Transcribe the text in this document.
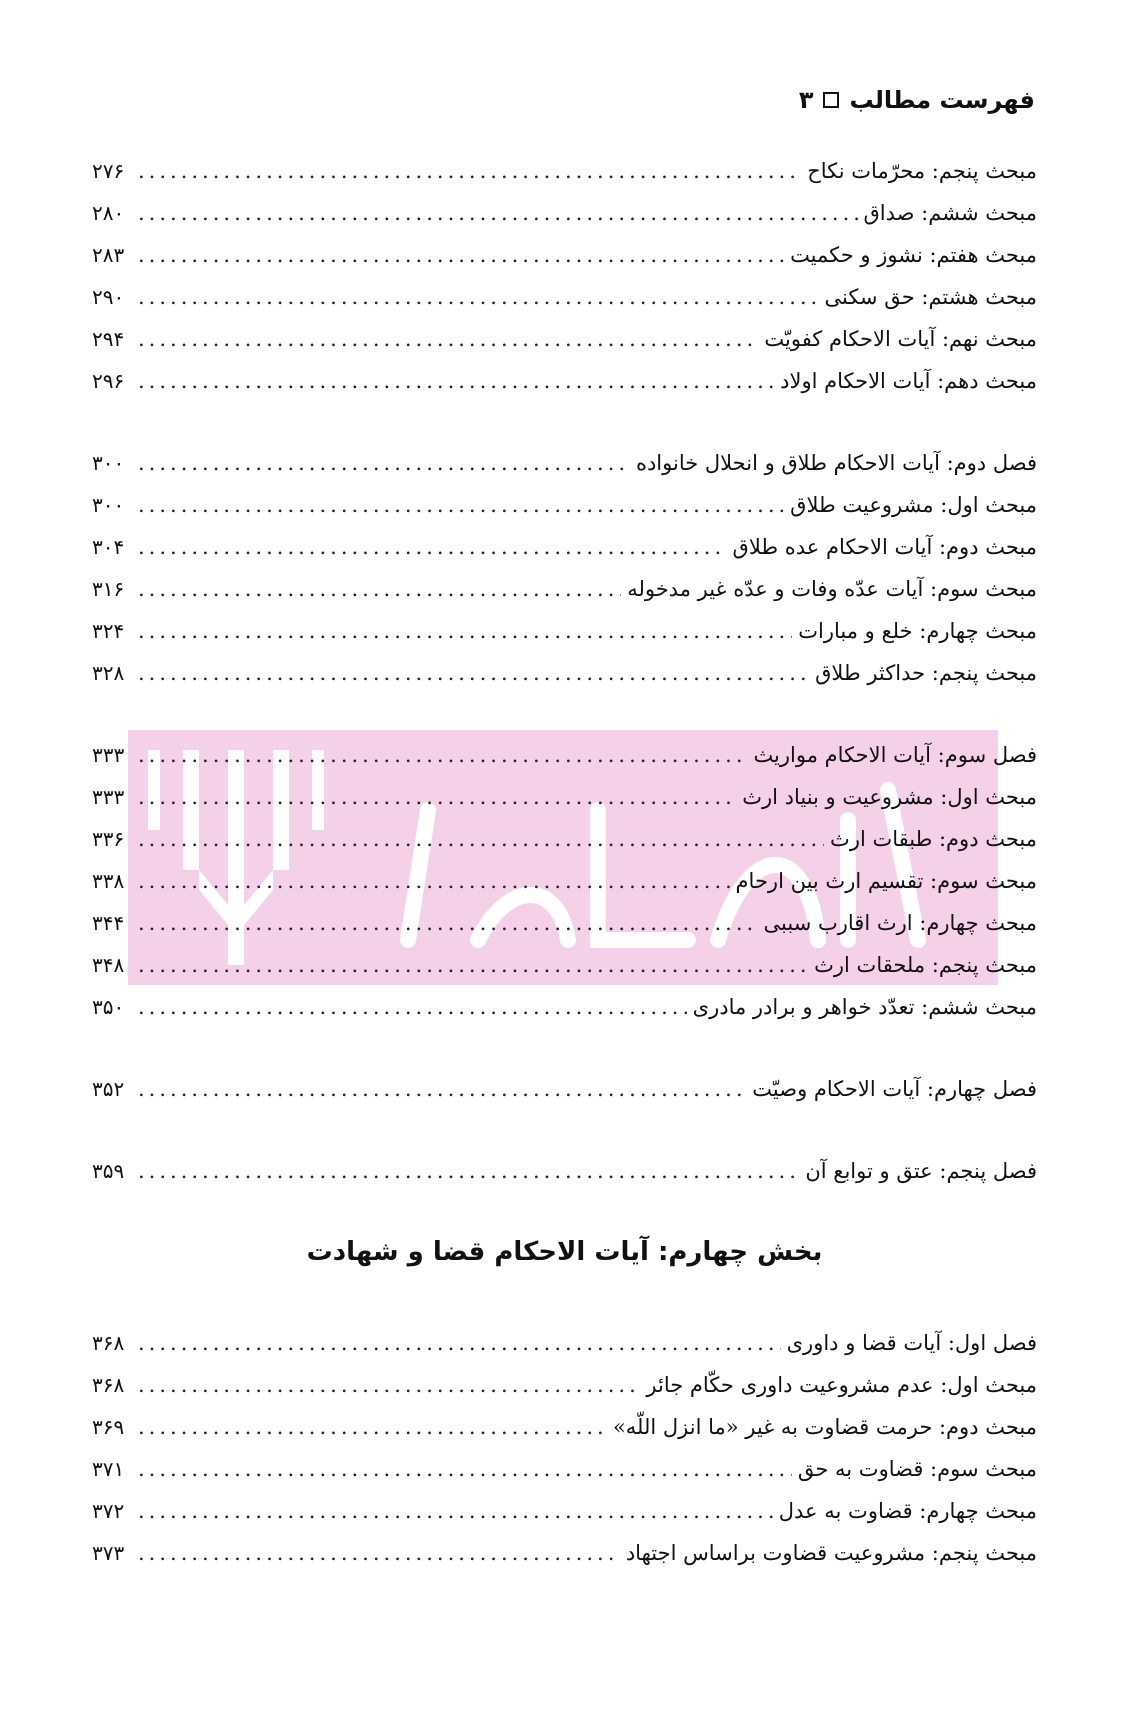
فهرست مطالب
۳
مبحث پنجم: محرّمات نکاح
.....
۲۷۶
مبحث ششم: صداق
.....
۲۸۰
مبحث هفتم: نشوز و حکمیت
.....
۲۸۳
مبحث هشتم: حق سکنی
.....
۲۹۰
مبحث نهم: آیات الاحکام کفویّت
.....
۲۹۴
مبحث دهم: آیات الاحکام اولاد
.....
۲۹۶
فصل دوم: آیات الاحکام طلاق و انحلال خانواده
.....
۳۰۰
مبحث اول: مشروعیت طلاق
.....
۳۰۰
مبحث دوم: آیات الاحکام عده طلاق
.....
۳۰۴
مبحث سوم: آیات عدّه وفات و عدّه غیر مدخوله
.....
۳۱۶
مبحث چهارم: خلع و مبارات
.....
۳۲۴
مبحث پنجم: حداکثر طلاق
.....
۳۲۸
فصل سوم: آیات الاحکام مواریث
.....
۳۳۳
مبحث اول: مشروعیت و بنیاد ارث
.....
۳۳۳
مبحث دوم: طبقات ارث
.....
۳۳۶
مبحث سوم: تقسیم ارث بین ارحام
.....
۳۳۸
مبحث چهارم: ارث اقارب سببی
.....
۳۴۴
مبحث پنجم: ملحقات ارث
.....
۳۴۸
مبحث ششم: تعدّد خواهر و برادر مادری
.....
۳۵۰
فصل چهارم: آیات الاحکام وصیّت
.....
۳۵۲
فصل پنجم: عتق و توابع آن
.....
۳۵۹
بخش چهارم: آیات الاحکام قضا و شهادت
فصل اول: آیات قضا و داوری
.....
۳۶۸
مبحث اول: عدم مشروعیت داوری حکّام جائر
.....
۳۶۸
مبحث دوم: حرمت قضاوت به غیر «ما انزل اللّه»
.....
۳۶۹
مبحث سوم: قضاوت به حق
.....
۳۷۱
مبحث چهارم: قضاوت به عدل
.....
۳۷۲
مبحث پنجم: مشروعیت قضاوت براساس اجتهاد
.....
۳۷۳
